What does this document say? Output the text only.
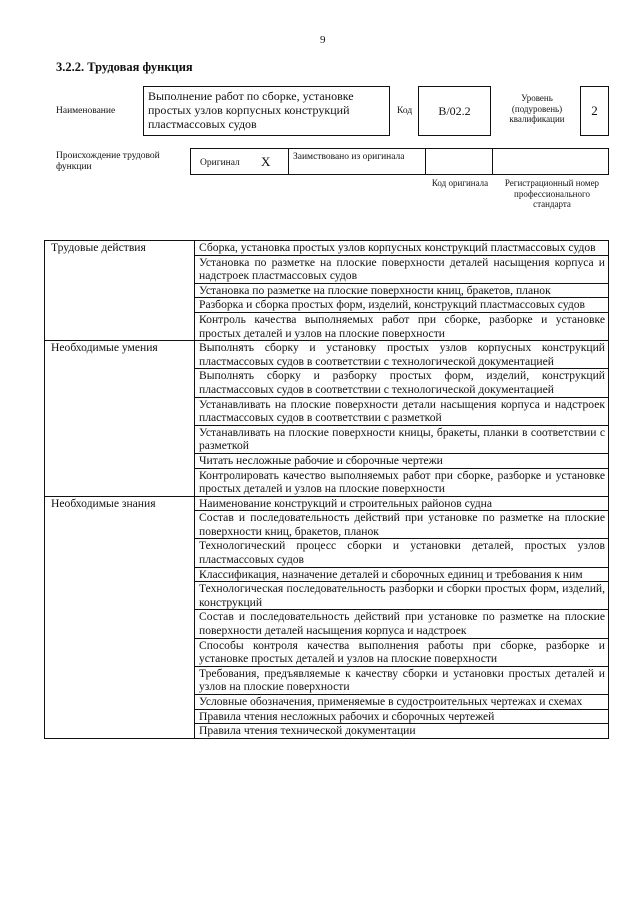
9
3.2.2. Трудовая функция
Наименование
Выполнение работ по сборке, установке простых узлов корпусных конструкций пластмассовых судов
Код	B/02.2
Уровень (подуровень) квалификации
2
Происхождение трудовой функции	Оригинал X Заимствовано из оригинала
Код оригинала	Регистрационный номер профессионального стандарта
Трудовые действия	Сборка, установка простых узлов корпусных конструкций пластмассовых судов
	Установка по разметке на плоские поверхности деталей насыщения корпуса и надстроек пластмассовых судов
	Установка по разметке на плоские поверхности книц, бракетов, планок
	Разборка и сборка простых форм, изделий, конструкций пластмассовых судов
	Контроль качества выполняемых работ при сборке, разборке и установке простых деталей и узлов на плоские поверхности
Необходимые умения	Выполнять сборку и установку простых узлов корпусных конструкций пластмассовых судов в соответствии с технологической документацией
	Выполнять сборку и разборку простых форм, изделий, конструкций пластмассовых судов в соответствии с технологической документацией
	Устанавливать на плоские поверхности детали насыщения корпуса и надстроек пластмассовых судов в соответствии с разметкой
	Устанавливать на плоские поверхности кницы, бракеты, планки в соответствии с разметкой
	Читать несложные рабочие и сборочные чертежи
	Контролировать качество выполняемых работ при сборке, разборке и установке простых деталей и узлов на плоские поверхности
Необходимые знания	Наименование конструкций и строительных районов судна
	Состав и последовательность действий при установке по разметке на плоские поверхности книц, бракетов, планок
	Технологический процесс сборки и установки деталей, простых узлов пластмассовых судов
	Классификация, назначение деталей и сборочных единиц и требования к ним
	Технологическая последовательность разборки и сборки простых форм, изделий, конструкций
	Состав и последовательность действий при установке по разметке на плоские поверхности деталей насыщения корпуса и надстроек
	Способы контроля качества выполнения работы при сборке, разборке и установке простых деталей и узлов на плоские поверхности
	Требования, предъявляемые к качеству сборки и установки простых деталей и узлов на плоские поверхности
	Условные обозначения, применяемые в судостроительных чертежах и схемах
	Правила чтения несложных рабочих и сборочных чертежей
	Правила чтения технической документации
